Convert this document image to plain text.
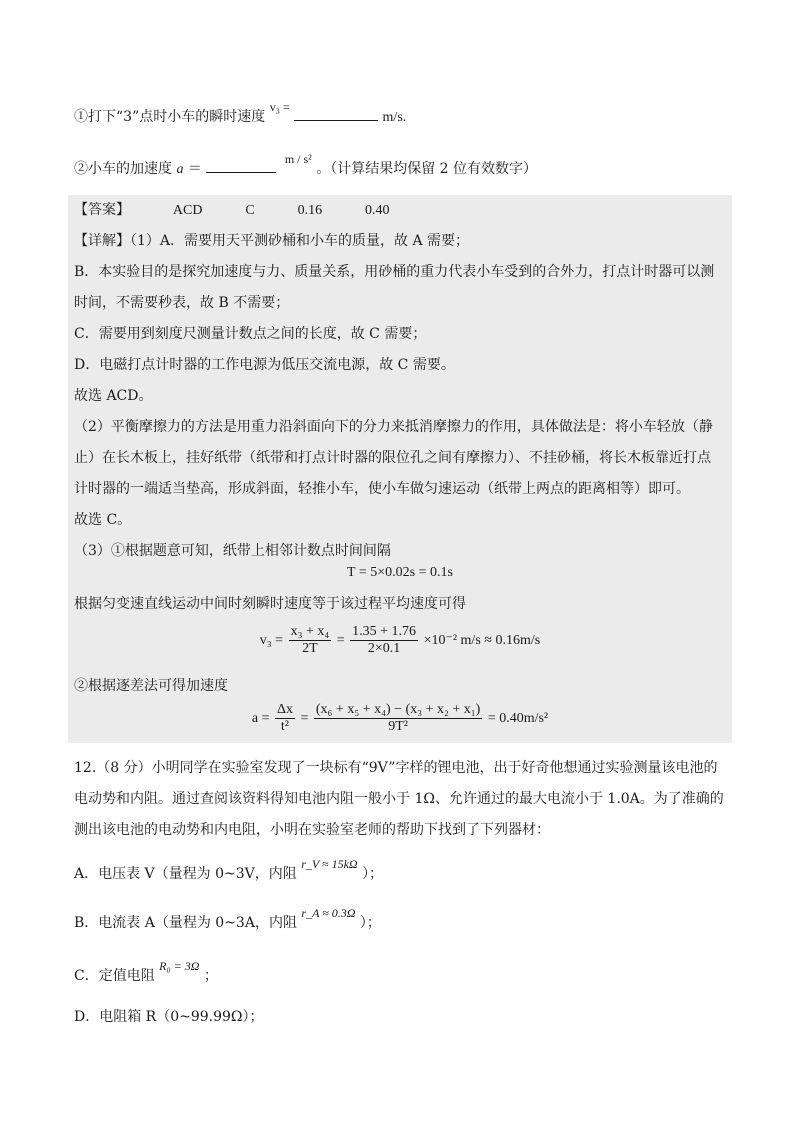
①打下“3”点时小车的瞬时速度 v₃ =  m/s.
②小车的加速度 a ＝  m / s² 。（计算结果均保留 2 位有效数字）
【答案】	ACD	C	0.16	0.40
【详解】（1）A．需要用天平测砂桶和小车的质量，故 A 需要；
B．本实验目的是探究加速度与力、质量关系，用砂桶的重力代表小车受到的合外力，打点计时器可以测
时间，不需要秒表，故 B 不需要；
C．需要用到刻度尺测量计数点之间的长度，故 C 需要；
D．电磁打点计时器的工作电源为低压交流电源，故 C 需要。
故选 ACD。
（2）平衡摩擦力的方法是用重力沿斜面向下的分力来抵消摩擦力的作用，具体做法是：将小车轻放（静
止）在长木板上，挂好纸带（纸带和打点计时器的限位孔之间有摩擦力）、不挂砂桶，将长木板靠近打点
计时器的一端适当垫高，形成斜面，轻推小车，使小车做匀速运动（纸带上两点的距离相等）即可。
故选 C。
（3）①根据题意可知，纸带上相邻计数点时间间隔
T = 5×0.02s = 0.1s
根据匀变速直线运动中间时刻瞬时速度等于该过程平均速度可得
$v_3 = \frac{\text{x₃ + x₄}}{2T} = \frac{1.35 + 1.76}{2\times 0.1} \times 10^{-2}$ m/s ≈ 0.16m/s
②根据逐差法可得加速度
$a = \frac{\Delta x}{\text{t²}} = \frac{\text{(x₆ + x₅ + x₄) − (x₃ + x₂ + x₁)}}{\text{9T²}} = 0.40m/s^2$
12.（8 分）小明同学在实验室发现了一块标有“9V”字样的锂电池，出于好奇他想通过实验测量该电池的
电动势和内阻。通过查阅该资料得知电池内阻一般小于 1Ω、允许通过的最大电流小于 1.0A。为了准确的
测出该电池的电动势和内电阻，小明在实验室老师的帮助下找到了下列器材：
A．电压表 V（量程为 0~3V，内阻 r_V ≈ 15kΩ ）；
B．电流表 A（量程为 0~3A，内阻 r_A ≈ 0.3Ω ）；
C．定值电阻 R₀ = 3Ω ；
D．电阻箱 R（0~99.99Ω）；
